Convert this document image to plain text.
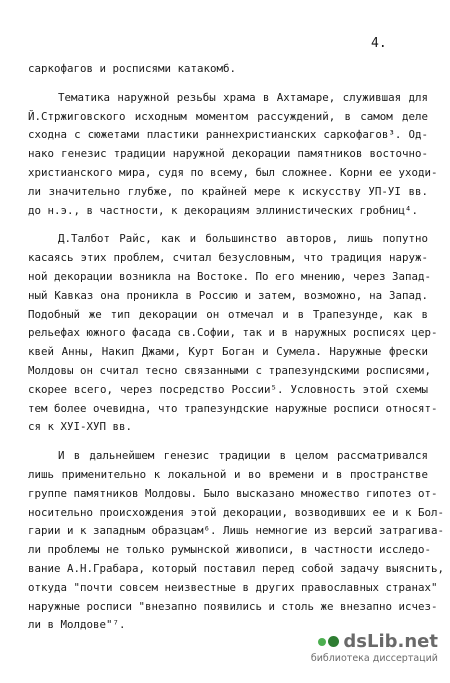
4.
саркофагов и росписями катакомб.
Тематика наружной резьбы храма в Ахтамаре, служившая для
Й.Стржиговского исходным моментом рассуждений, в самом деле
сходна с сюжетами пластики раннехристианских саркофагов³. Од-
нако генезис традиции наружной декорации памятников восточно-
христианского мира, судя по всему, был сложнее. Корни ее уходи-
ли значительно глубже, по крайней мере к искусству УП-УI вв.
до н.э., в частности, к декорациям эллинистических гробниц⁴.
Д.Талбот Райс, как и большинство авторов, лишь попутно
касаясь этих проблем, считал безусловным, что традиция наруж-
ной декорации возникла на Востоке. По его мнению, через Запад-
ный Кавказ она проникла в Россию и затем, возможно, на Запад.
Подобный же тип декорации он отмечал и в Трапезунде, как в
рельефах южного фасада св.Софии, так и в наружных росписях цер-
квей Анны, Накип Джами, Курт Боган и Сумела. Наружные фрески
Молдовы он считал тесно связанными с трапезундскими росписями,
скорее всего, через посредство России⁵. Условность этой схемы
тем более очевидна, что трапезундские наружные росписи относят-
ся к ХУI-ХУП вв.
И в дальнейшем генезис традиции в целом рассматривался
лишь применительно к локальной и во времени и в пространстве
группе памятников Молдовы. Было высказано множество гипотез от-
носительно происхождения этой декорации, возводивших ее и к Бол-
гарии и к западным образцам⁶. Лишь немногие из версий затрагива-
ли проблемы не только румынской живописи, в частности исследо-
вание А.Н.Грабара, который поставил перед собой задачу выяснить,
откуда "почти совсем неизвестные в других православных странах"
наружные росписи "внезапно появились и столь же внезапно исчез-
ли в Молдове"⁷.
dsLib.net
библиотека диссертаций
